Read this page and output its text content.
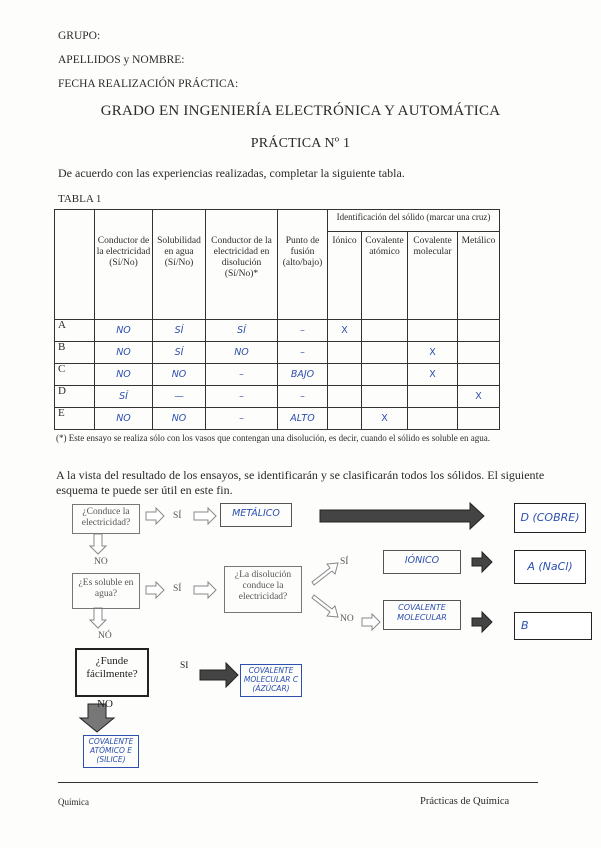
GRUPO:
APELLIDOS y NOMBRE:
FECHA REALIZACIÓN PRÁCTICA:
GRADO EN INGENIERÍA ELECTRÓNICA Y AUTOMÁTICA
PRÁCTICA Nº 1
De acuerdo con las experiencias realizadas, completar la siguiente tabla.
TABLA 1

	Conductor de la electricidad (Sí/No)	Solubilidad en agua (Sí/No)	Conductor de la electricidad en disolución (Sí/No)*	Punto de fusión (alto/bajo)	Identificación del sólido (marcar una cruz)			

					Iónico	Covalente atómico	Covalente molecular	Metálico

A	NO	SÍ	SÍ	–	X			
B	NO	SÍ	NO	–			X	
C	NO	NO	–	BAJO			X	
D	SÍ	—	–	–				X
E	NO	NO	–	ALTO		X		
(*) Este ensayo se realiza sólo con los vasos que contengan una disolución, es decir, cuando el sólido es soluble en agua.
A la vista del resultado de los ensayos, se identificarán y se clasificarán todos los sólidos. El siguiente esquema te puede ser útil en este fin.
¿Conduce la electricidad?
SÍ	METÁLICO	D (COBRE)
NO
¿Es soluble en agua?	SÍ
¿La disolución conduce la electricidad?
SÍ	IÓNICO	A (NaCl)
NO
COVALENTE MOLECULAR
B
NÓ
¿Funde fácilmente?
SI	COVALENTE MOLECULAR C (ÁZÚCAR)
NO
COVALENTE ATÓMICO E (SILICE)
Química	Prácticas de Química
